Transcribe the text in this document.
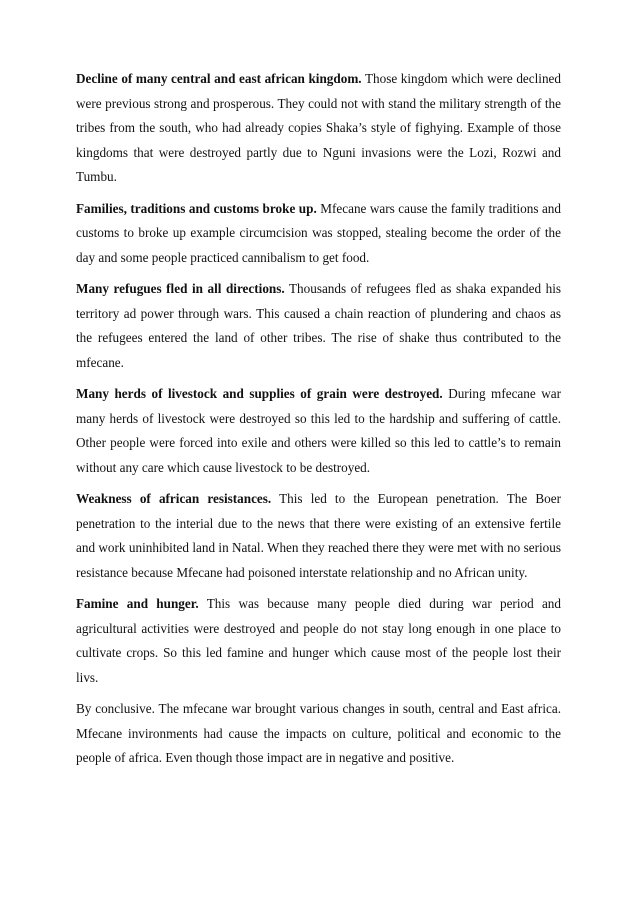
Decline of many central and east african kingdom. Those kingdom which were declined were previous strong and prosperous. They could not with stand the military strength of the tribes from the south, who had already copies Shaka’s style of fighying. Example of those kingdoms that were destroyed partly due to Nguni invasions were the Lozi, Rozwi and Tumbu.

Families, traditions and customs broke up. Mfecane wars cause the family traditions and customs to broke up example circumcision was stopped, stealing become the order of the day and some people practiced cannibalism to get food.

Many refugues fled in all directions. Thousands of refugees fled as shaka expanded his territory ad power through wars. This caused a chain reaction of plundering and chaos as the refugees entered the land of other tribes. The rise of shake thus contributed to the mfecane.

Many herds of livestock and supplies of grain were destroyed. During mfecane war many herds of livestock were destroyed so this led to the hardship and suffering of cattle. Other people were forced into exile and others were killed so this led to cattle’s to remain without any care which cause livestock to be destroyed.

Weakness of african resistances. This led to the European penetration. The Boer penetration to the interial due to the news that there were existing of an extensive fertile and work uninhibited land in Natal. When they reached there they were met with no serious resistance because Mfecane had poisoned interstate relationship and no African unity.

Famine and hunger. This was because many people died during war period and agricultural activities were destroyed and people do not stay long enough in one place to cultivate crops. So this led famine and hunger which cause most of the people lost their livs.

By conclusive. The mfecane war brought various changes in south, central and East africa. Mfecane invironments had cause the impacts on culture, political and economic to the people of africa. Even though those impact are in negative and positive.
